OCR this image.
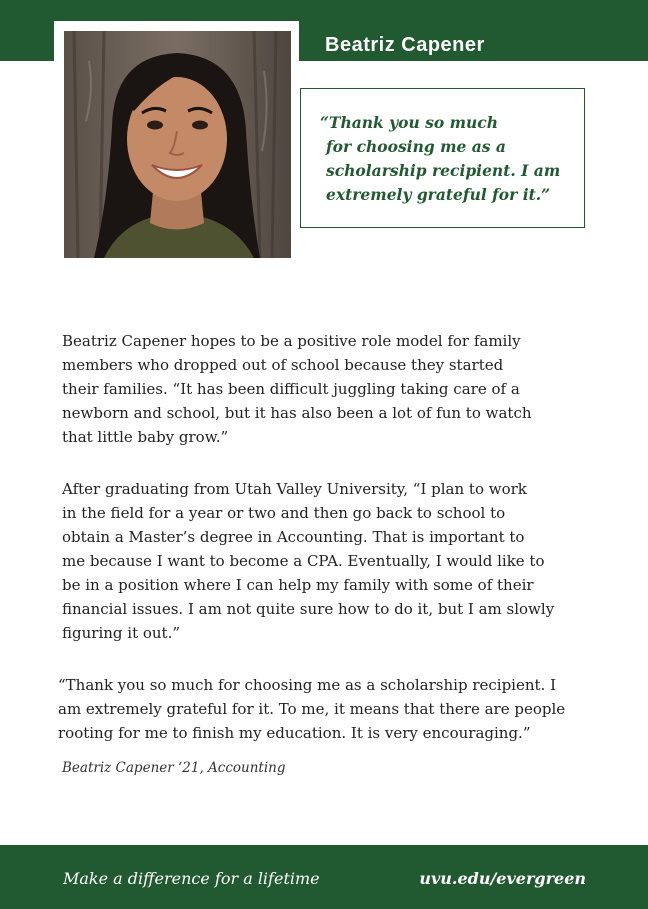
Beatriz Capener
“Thank you so much
for choosing me as a
scholarship recipient. I am
extremely grateful for it.”
Beatriz Capener hopes to be a positive role model for family
members who dropped out of school because they started
their families. “It has been difficult juggling taking care of a
newborn and school, but it has also been a lot of fun to watch
that little baby grow.”
After graduating from Utah Valley University, “I plan to work
in the field for a year or two and then go back to school to
obtain a Master’s degree in Accounting. That is important to
me because I want to become a CPA. Eventually, I would like to
be in a position where I can help my family with some of their
financial issues. I am not quite sure how to do it, but I am slowly
figuring it out.”
“Thank you so much for choosing me as a scholarship recipient. I
am extremely grateful for it. To me, it means that there are people
rooting for me to finish my education. It is very encouraging.”
Beatriz Capener ‘21, Accounting
Make a difference for a lifetime	uvu.edu/evergreen
